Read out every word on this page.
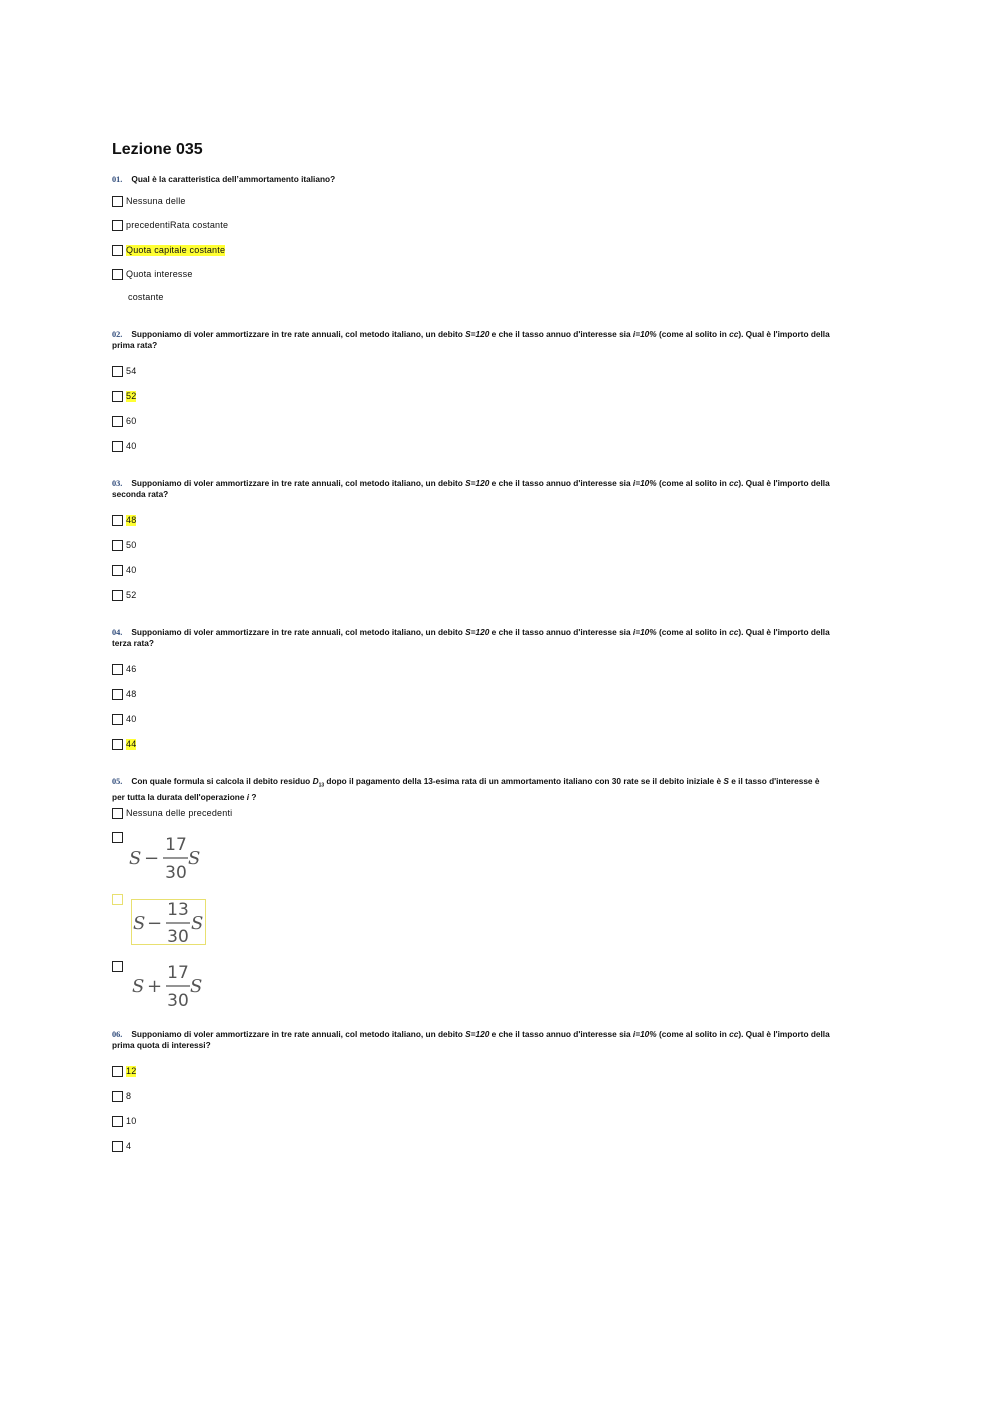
Lezione 035
01. Qual è la caratteristica dell’ammortamento italiano?
Nessuna delle
precedentiRata costante
Quota capitale costante
Quota interesse
costante
02. Supponiamo di voler ammortizzare in tre rate annuali, col metodo italiano, un debito S=120 e che il tasso annuo d'interesse sia i=10% (come al solito in cc). Qual è l'importo della prima rata?
54
52
60
40
03. Supponiamo di voler ammortizzare in tre rate annuali, col metodo italiano, un debito S=120 e che il tasso annuo d'interesse sia i=10% (come al solito in cc). Qual è l'importo della seconda rata?
48
50
40
52
04. Supponiamo di voler ammortizzare in tre rate annuali, col metodo italiano, un debito S=120 e che il tasso annuo d'interesse sia i=10% (come al solito in cc). Qual è l'importo della terza rata?
46
48
40
44
05. Con quale formula si calcola il debito residuo $D_{13}$ dopo il pagamento della 13-esima rata di un ammortamento italiano con 30 rate se il debito iniziale è S e il tasso d'interesse è per tutta la durata dell'operazione i ?
Nessuna delle precedenti
S −
17
30
S
S −
13
30
S
S +
17
30
S
06. Supponiamo di voler ammortizzare in tre rate annuali, col metodo italiano, un debito S=120 e che il tasso annuo d'interesse sia i=10% (come al solito in cc). Qual è l'importo della prima quota di interessi?
12
8
10
4
